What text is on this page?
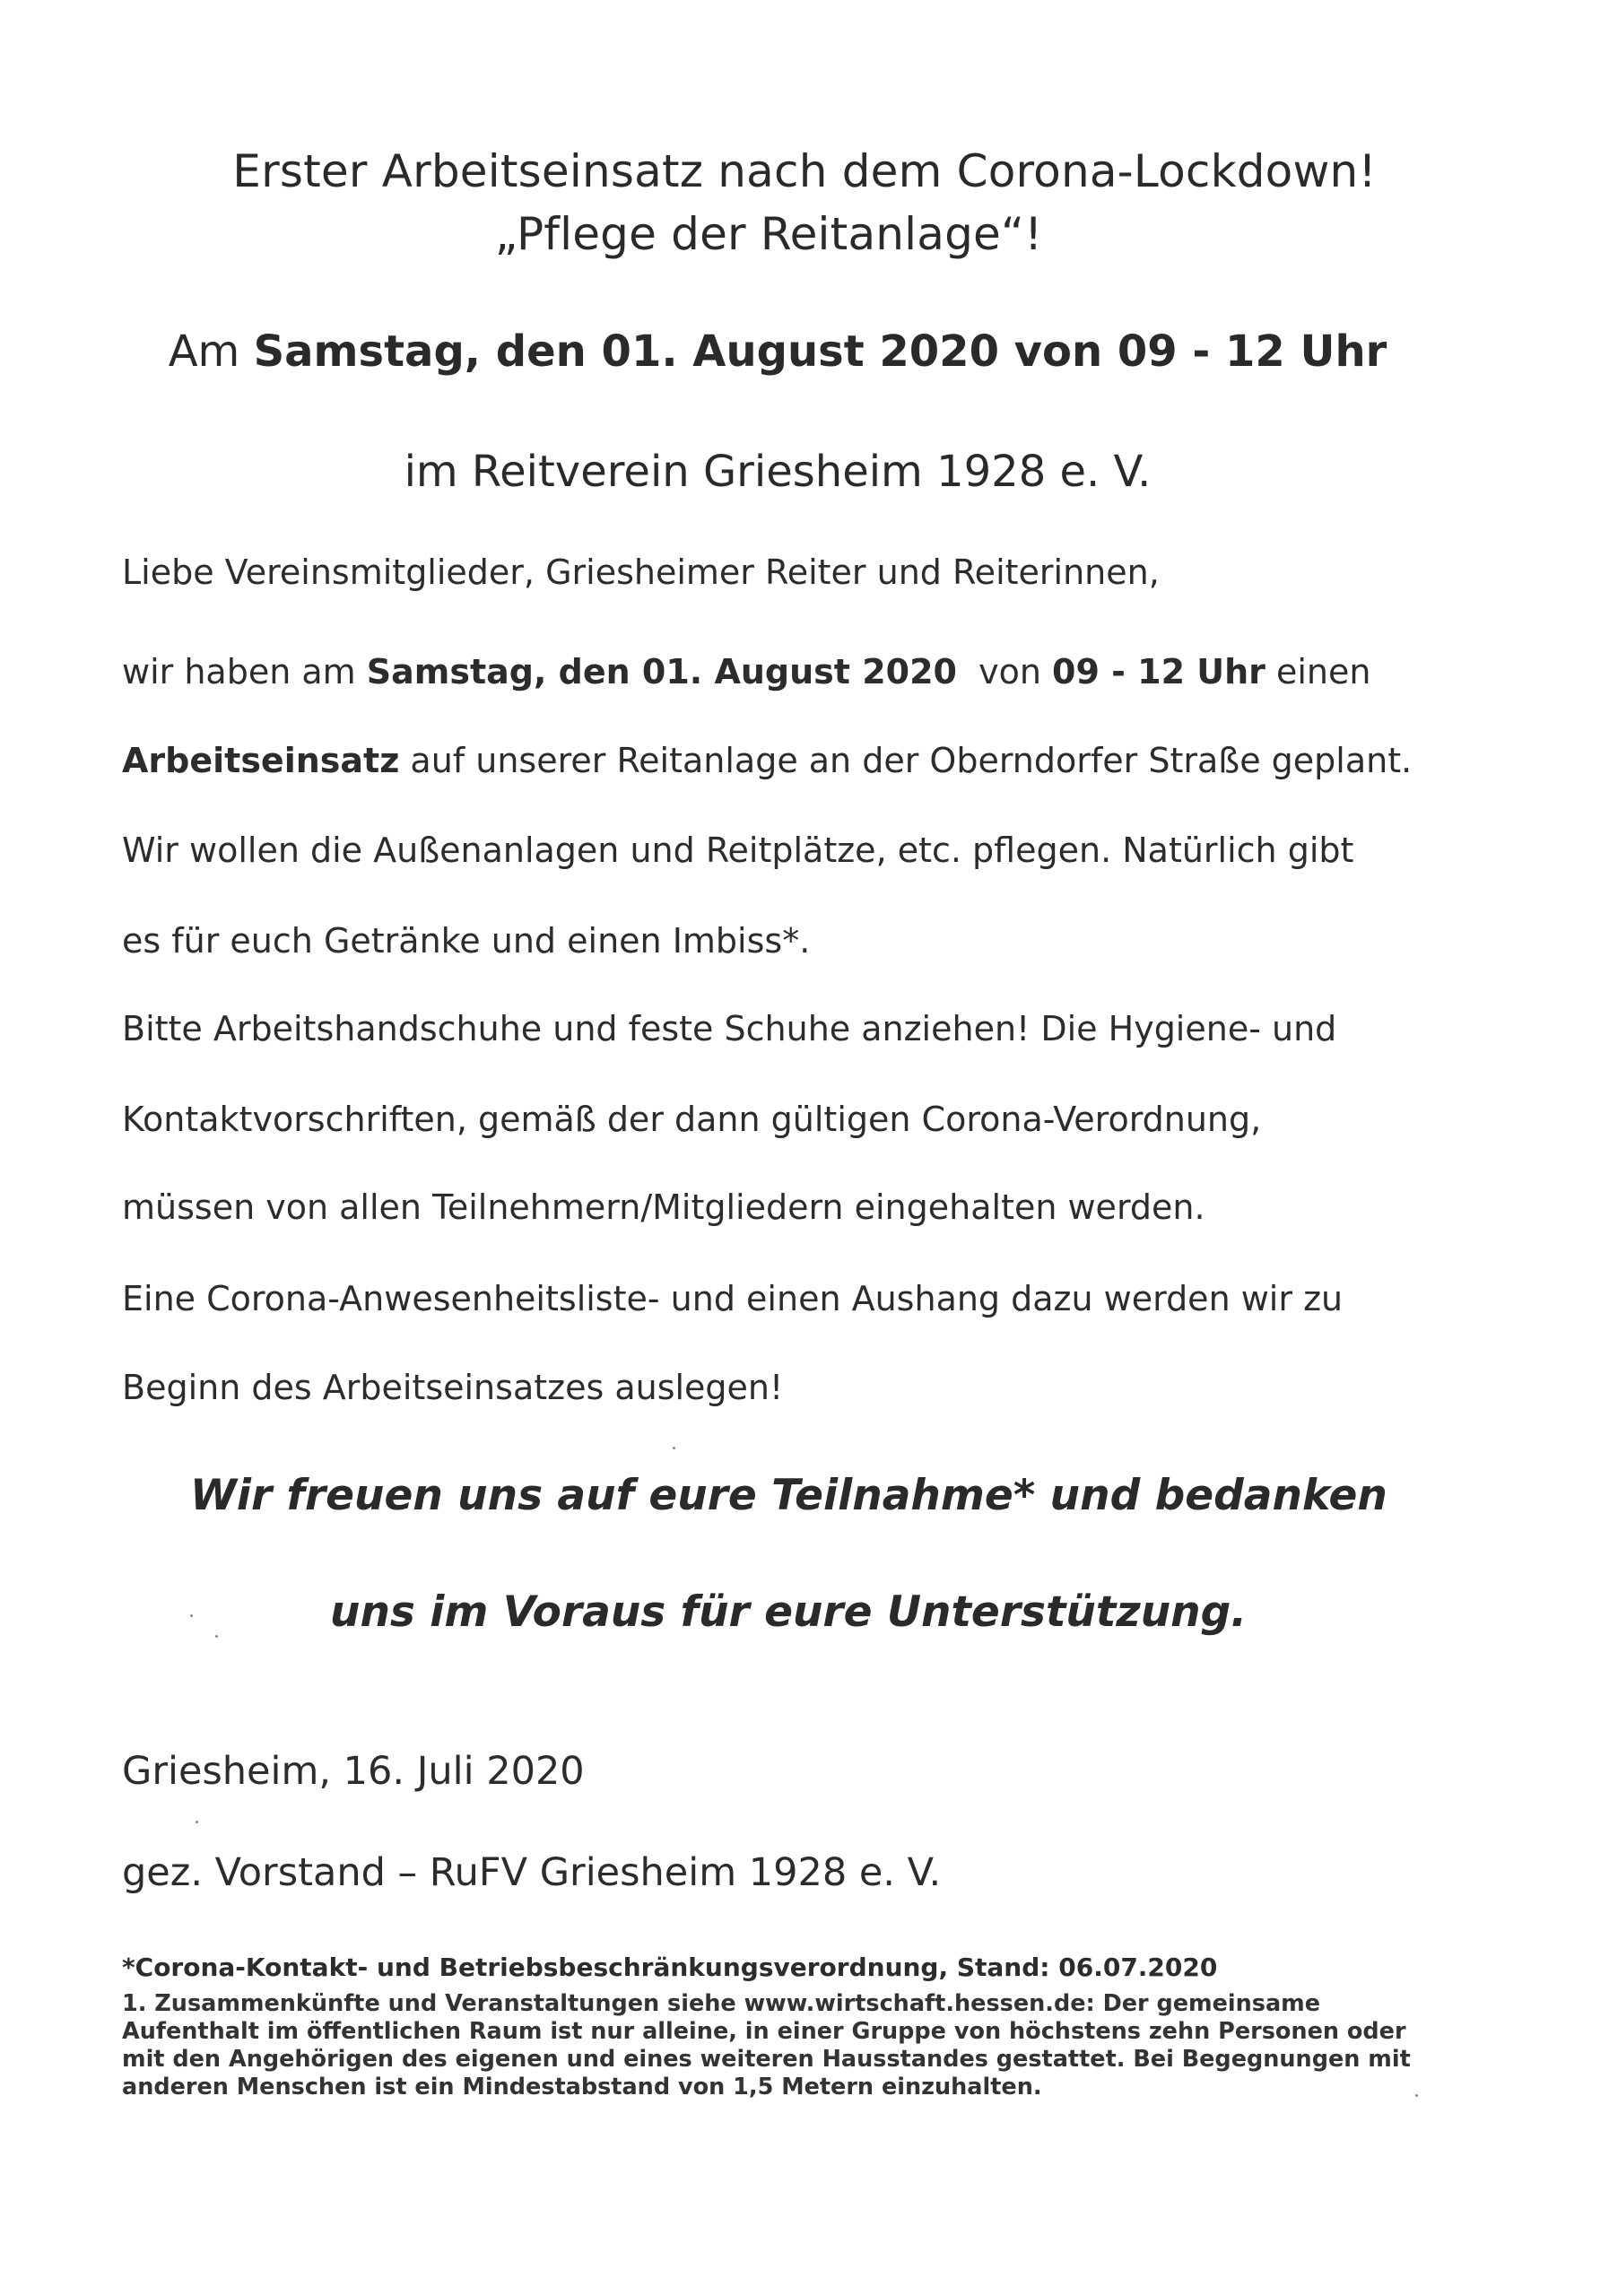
Erster Arbeitseinsatz nach dem Corona-Lockdown!

„Pflege der Reitanlage“!

Am Samstag, den 01. August 2020 von 09 - 12 Uhr

im Reitverein Griesheim 1928 e. V.

Liebe Vereinsmitglieder, Griesheimer Reiter und Reiterinnen,

wir haben am Samstag, den 01. August 2020  von 09 - 12 Uhr einen

Arbeitseinsatz auf unserer Reitanlage an der Oberndorfer Straße geplant.

Wir wollen die Außenanlagen und Reitplätze, etc. pflegen. Natürlich gibt

es für euch Getränke und einen Imbiss*.

Bitte Arbeitshandschuhe und feste Schuhe anziehen! Die Hygiene- und

Kontaktvorschriften, gemäß der dann gültigen Corona-Verordnung,

müssen von allen Teilnehmern/Mitgliedern eingehalten werden.

Eine Corona-Anwesenheitsliste- und einen Aushang dazu werden wir zu

Beginn des Arbeitseinsatzes auslegen!

Wir freuen uns auf eure Teilnahme* und bedanken

uns im Voraus für eure Unterstützung.

Griesheim, 16. Juli 2020

gez. Vorstand – RuFV Griesheim 1928 e. V.

*Corona-Kontakt- und Betriebsbeschränkungsverordnung, Stand: 06.07.2020

1. Zusammenkünfte und Veranstaltungen siehe www.wirtschaft.hessen.de: Der gemeinsame

Aufenthalt im öffentlichen Raum ist nur alleine, in einer Gruppe von höchstens zehn Personen oder

mit den Angehörigen des eigenen und eines weiteren Hausstandes gestattet. Bei Begegnungen mit

anderen Menschen ist ein Mindestabstand von 1,5 Metern einzuhalten.
